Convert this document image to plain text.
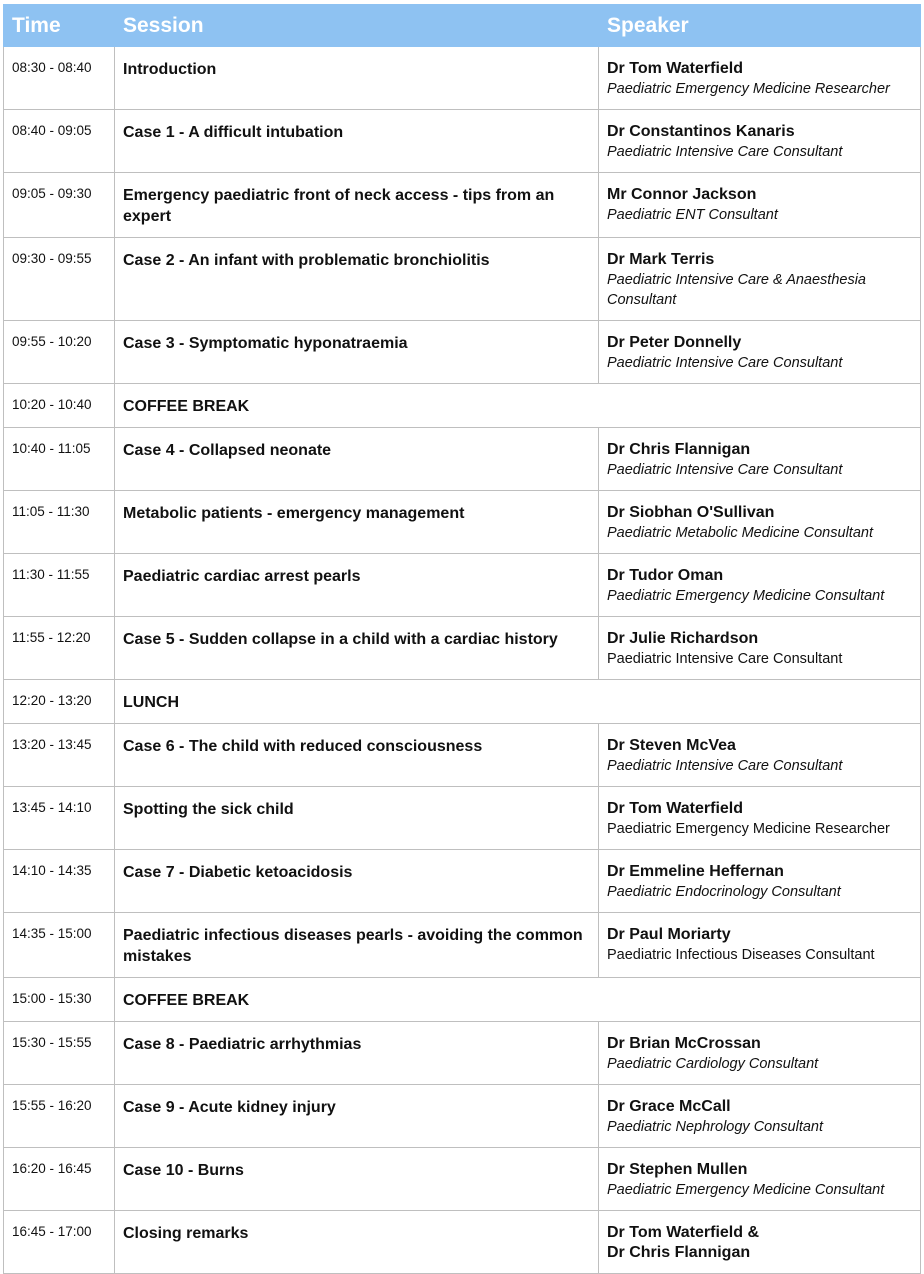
Time	Session	Speaker
08:30 - 08:40	Introduction	Dr Tom Waterfield
Paediatric Emergency Medicine Researcher

08:40 - 09:05	Case 1 - A difficult intubation	Dr Constantinos Kanaris
Paediatric Intensive Care Consultant

09:05 - 09:30	Emergency paediatric front of neck access - tips from an expert	Mr Connor Jackson
Paediatric ENT Consultant

09:30 - 09:55	Case 2 - An infant with problematic bronchiolitis	Dr Mark Terris
Paediatric Intensive Care & Anaesthesia Consultant

09:55 - 10:20	Case 3 - Symptomatic hyponatraemia	Dr Peter Donnelly
Paediatric Intensive Care Consultant

10:20 - 10:40	COFFEE BREAK	
10:40 - 11:05	Case 4 - Collapsed neonate	Dr Chris Flannigan
Paediatric Intensive Care Consultant

11:05 - 11:30	Metabolic patients - emergency management	Dr Siobhan O'Sullivan
Paediatric Metabolic Medicine Consultant

11:30 - 11:55	Paediatric cardiac arrest pearls	Dr Tudor Oman
Paediatric Emergency Medicine Consultant

11:55 - 12:20	Case 5 - Sudden collapse in a child with a cardiac history	Dr Julie Richardson
Paediatric Intensive Care Consultant

12:20 - 13:20	LUNCH	
13:20 - 13:45	Case 6 - The child with reduced consciousness	Dr Steven McVea
Paediatric Intensive Care Consultant

13:45 - 14:10	Spotting the sick child	Dr Tom Waterfield
Paediatric Emergency Medicine Researcher

14:10 - 14:35	Case 7 - Diabetic ketoacidosis	Dr Emmeline Heffernan
Paediatric Endocrinology Consultant

14:35 - 15:00	Paediatric infectious diseases pearls - avoiding the common mistakes	Dr Paul Moriarty
Paediatric Infectious Diseases Consultant

15:00 - 15:30	COFFEE BREAK	
15:30 - 15:55	Case 8 - Paediatric arrhythmias	Dr Brian McCrossan
Paediatric Cardiology Consultant

15:55 - 16:20	Case 9 - Acute kidney injury	Dr Grace McCall
Paediatric Nephrology Consultant

16:20 - 16:45	Case 10 - Burns	Dr Stephen Mullen
Paediatric Emergency Medicine Consultant

16:45 - 17:00	Closing remarks	Dr Tom Waterfield &
Dr Chris Flannigan
